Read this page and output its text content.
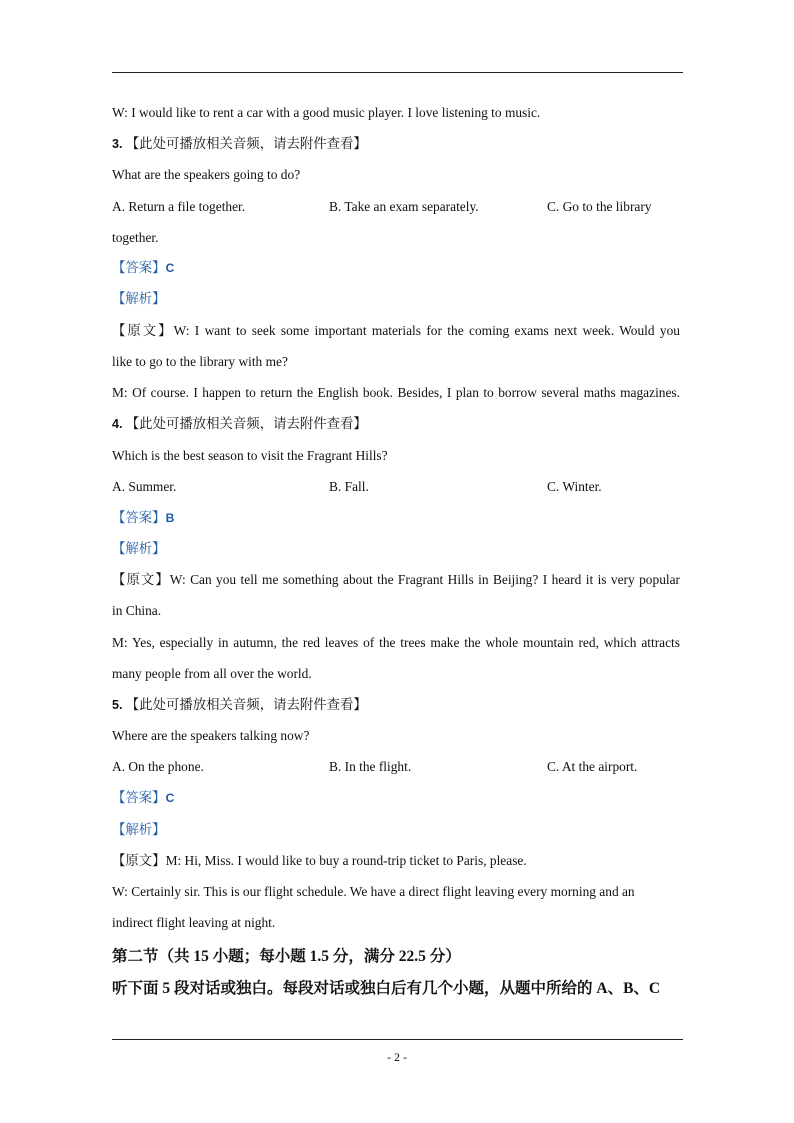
W: I would like to rent a car with a good music player. I love listening to music.
3. 【此处可播放相关音频，请去附件查看】
What are the speakers going to do?
A. Return a file together.	B. Take an exam separately.	C. Go to the library
together.
【答案】C
【解析】
【原文】W: I want to seek some important materials for the coming exams next week. Would you
like to go to the library with me?
M: Of course. I happen to return the English book. Besides, I plan to borrow several maths magazines.
4. 【此处可播放相关音频，请去附件查看】
Which is the best season to visit the Fragrant Hills?
A. Summer.	B. Fall.	C. Winter.
【答案】B
【解析】
【原文】W: Can you tell me something about the Fragrant Hills in Beijing? I heard it is very popular
in China.
M: Yes, especially in autumn, the red leaves of the trees make the whole mountain red, which attracts
many people from all over the world.
5. 【此处可播放相关音频，请去附件查看】
Where are the speakers talking now?
A. On the phone.	B. In the flight.	C. At the airport.
【答案】C
【解析】
【原文】M: Hi, Miss. I would like to buy a round-trip ticket to Paris, please.
W: Certainly sir. This is our flight schedule. We have a direct flight leaving every morning and an
indirect flight leaving at night.
第二节（共 15 小题；每小题 1.5 分，满分 22.5 分）
听下面 5 段对话或独白。每段对话或独白后有几个小题，从题中所给的 A、B、C
- 2 -
